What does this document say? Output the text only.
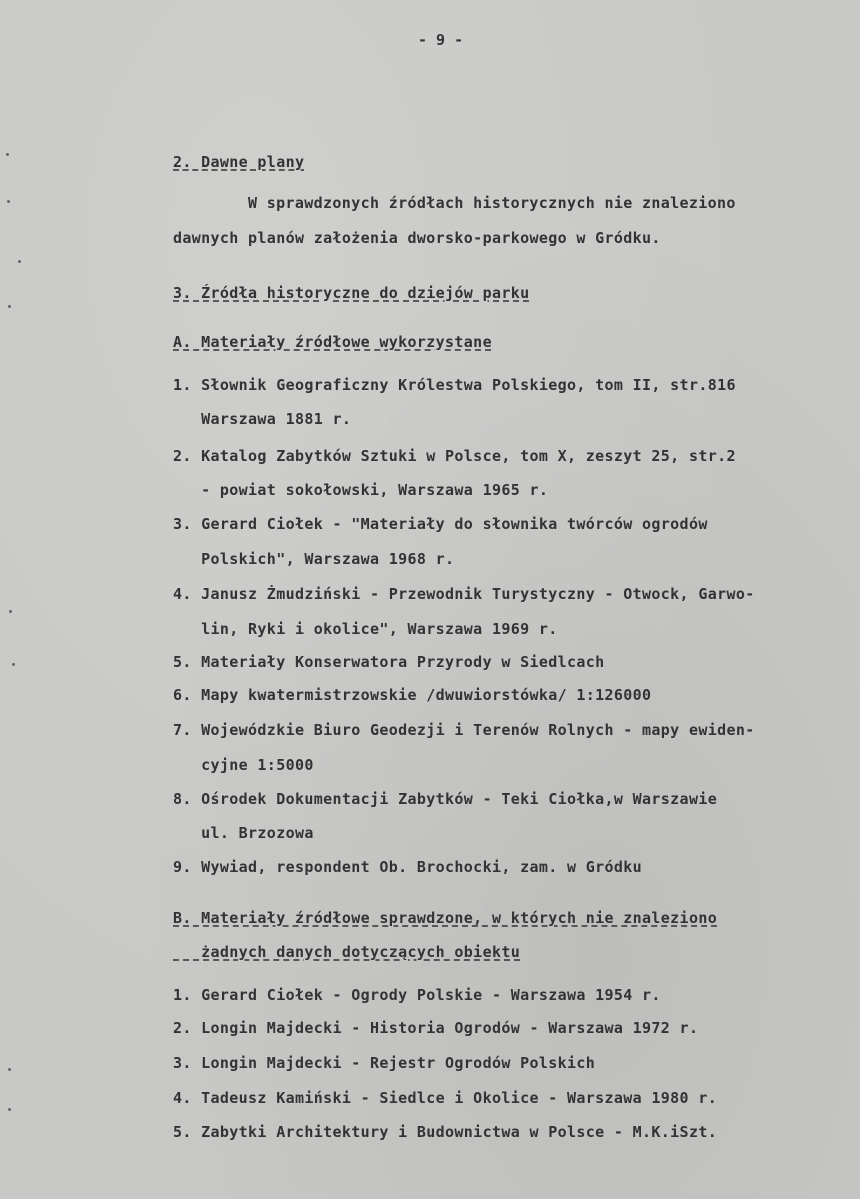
- 9 -
2. Dawne plany
W sprawdzonych źródłach historycznych nie znaleziono
dawnych planów założenia dworsko-parkowego w Gródku.
3. Źródła historyczne do dziejów parku
A. Materiały źródłowe wykorzystane
1. Słownik Geograficzny Królestwa Polskiego, tom II, str.816
Warszawa 1881 r.
2. Katalog Zabytków Sztuki w Polsce, tom X, zeszyt 25, str.2
- powiat sokołowski, Warszawa 1965 r.
3. Gerard Ciołek - "Materiały do słownika twórców ogrodów
Polskich", Warszawa 1968 r.
4. Janusz Żmudziński - Przewodnik Turystyczny - Otwock, Garwo-
lin, Ryki i okolice", Warszawa 1969 r.
5. Materiały Konserwatora Przyrody w Siedlcach
6. Mapy kwatermistrzowskie /dwuwiorstówka/ 1:126000
7. Wojewódzkie Biuro Geodezji i Terenów Rolnych - mapy ewiden-
cyjne 1:5000
8. Ośrodek Dokumentacji Zabytków - Teki Ciołka,w Warszawie
ul. Brzozowa
9. Wywiad, respondent Ob. Brochocki, zam. w Gródku
B. Materiały źródłowe sprawdzone, w których nie znaleziono
żadnych danych dotyczących obiektu
1. Gerard Ciołek - Ogrody Polskie - Warszawa 1954 r.
2. Longin Majdecki - Historia Ogrodów - Warszawa 1972 r.
3. Longin Majdecki - Rejestr Ogrodów Polskich
4. Tadeusz Kamiński - Siedlce i Okolice - Warszawa 1980 r.
5. Zabytki Architektury i Budownictwa w Polsce - M.K.iSzt.
